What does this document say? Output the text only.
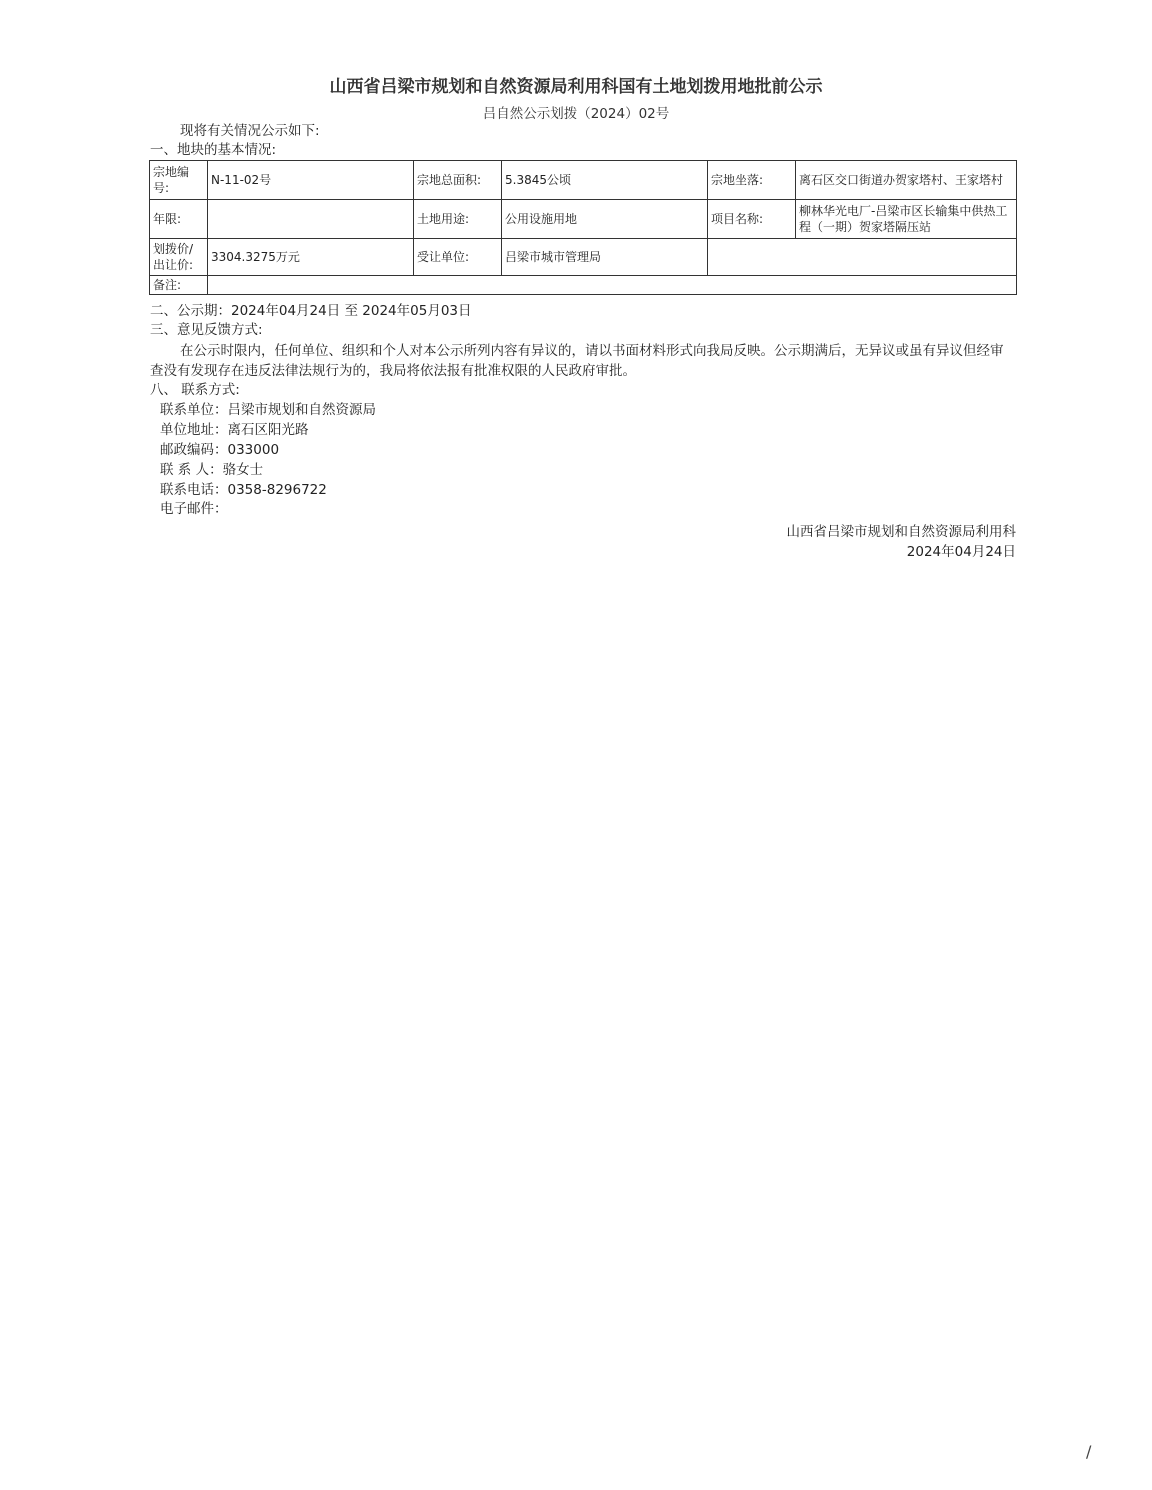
山西省吕梁市规划和自然资源局利用科国有土地划拨用地批前公示
吕自然公示划拨（2024）02号
现将有关情况公示如下:
一、地块的基本情况:
宗地编号:	N-11-02号	宗地总面积:	5.3845公顷	宗地坐落:	离石区交口街道办贺家塔村、王家塔村
年限:		土地用途:	公用设施用地	项目名称:	柳林华光电厂-吕梁市区长输集中供热工程（一期）贺家塔隔压站
划拨价/出让价:	3304.3275万元	受让单位:	吕梁市城市管理局		
备注:					
二、公示期：2024年04月24日 至 2024年05月03日
三、意见反馈方式:
在公示时限内，任何单位、组织和个人对本公示所列内容有异议的，请以书面材料形式向我局反映。公示期满后，无异议或虽有异议但经审查没有发现存在违反法律法规行为的，我局将依法报有批准权限的人民政府审批。
八、 联系方式:
联系单位：吕梁市规划和自然资源局
单位地址：离石区阳光路
邮政编码：033000
联 系 人：骆女士
联系电话：0358-8296722
电子邮件：
山西省吕梁市规划和自然资源局利用科
2024年04月24日
/
